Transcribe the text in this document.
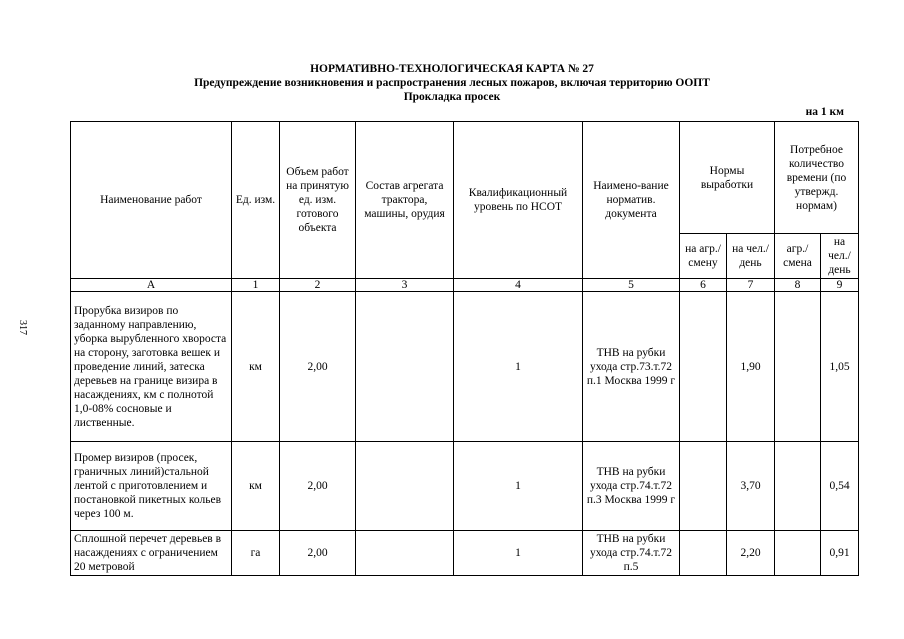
НОРМАТИВНО-ТЕХНОЛОГИЧЕСКАЯ КАРТА № 27
Предупреждение возникновения и распространения лесных пожаров, включая территорию ООПТ
Прокладка просек
на 1 км
317
Наименование работ	Ед. изм.	Объем работ на принятую ед. изм. готового объекта	Состав агрегата трактора, машины, орудия	Квалификационный уровень по НСОТ	Наимено-вание норматив. документа	Нормы выработки		Потребное количество времени (по утвержд. нормам)	
						на агр./ смену	на чел./ день	агр./ смена	на чел./ день
А	1	2	3	4	5	6	7	8	9
Прорубка визиров по заданному направлению, уборка вырубленного хвороста на сторону, заготовка вешек и проведение линий, затеска деревьев на границе визира в насаждениях, км с полнотой 1,0-08% сосновые и лиственные.	км	2,00		1	ТНВ на рубки ухода стр.73.т.72 п.1 Москва 1999 г		1,90		1,05
Промер визиров (просек, граничных линий)стальной лентой с приготовлением и постановкой пикетных кольев через 100 м.	км	2,00		1	ТНВ на рубки ухода стр.74.т.72 п.3 Москва 1999 г		3,70		0,54
Сплошной перечет деревьев в насаждениях с ограничением 20 метровой	га	2,00		1	ТНВ на рубки ухода стр.74.т.72 п.5		2,20		0,91
